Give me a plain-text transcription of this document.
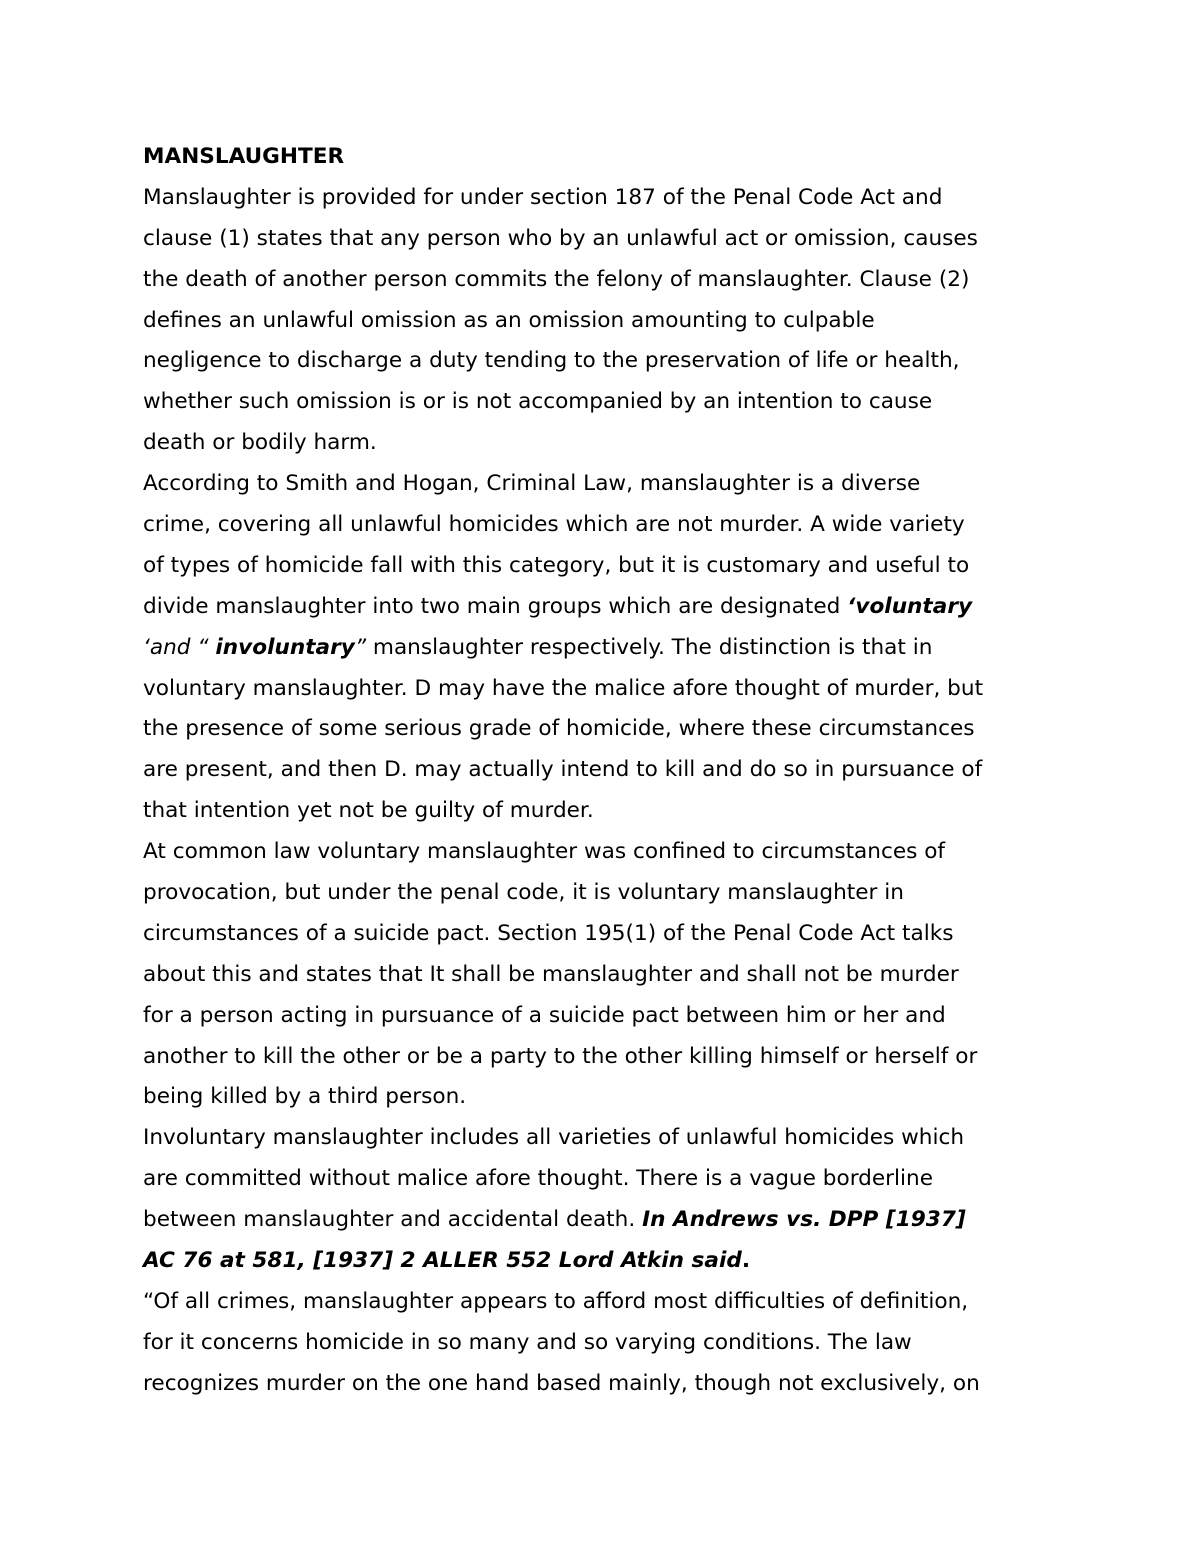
MANSLAUGHTER
Manslaughter is provided for under section 187 of the Penal Code Act and
clause (1) states that any person who by an unlawful act or omission, causes
the death of another person commits the felony of manslaughter. Clause (2)
defines an unlawful omission as an omission amounting to culpable
negligence to discharge a duty tending to the preservation of life or health,
whether such omission is or is not accompanied by an intention to cause
death or bodily harm.
According to Smith and Hogan, Criminal Law, manslaughter is a diverse
crime, covering all unlawful homicides which are not murder. A wide variety
of types of homicide fall with this category, but it is customary and useful to
divide manslaughter into two main groups which are designated ‘voluntary
‘and “ involuntary” manslaughter respectively. The distinction is that in
voluntary manslaughter. D may have the malice afore thought of murder, but
the presence of some serious grade of homicide, where these circumstances
are present, and then D. may actually intend to kill and do so in pursuance of
that intention yet not be guilty of murder.
At common law voluntary manslaughter was confined to circumstances of
provocation, but under the penal code, it is voluntary manslaughter in
circumstances of a suicide pact. Section 195(1) of the Penal Code Act talks
about this and states that It shall be manslaughter and shall not be murder
for a person acting in pursuance of a suicide pact between him or her and
another to kill the other or be a party to the other killing himself or herself or
being killed by a third person.
Involuntary manslaughter includes all varieties of unlawful homicides which
are committed without malice afore thought. There is a vague borderline
between manslaughter and accidental death. In Andrews vs. DPP [1937]
AC 76 at 581, [1937] 2 ALLER 552 Lord Atkin said.
“Of all crimes, manslaughter appears to afford most difficulties of definition,
for it concerns homicide in so many and so varying conditions. The law
recognizes murder on the one hand based mainly, though not exclusively, on
